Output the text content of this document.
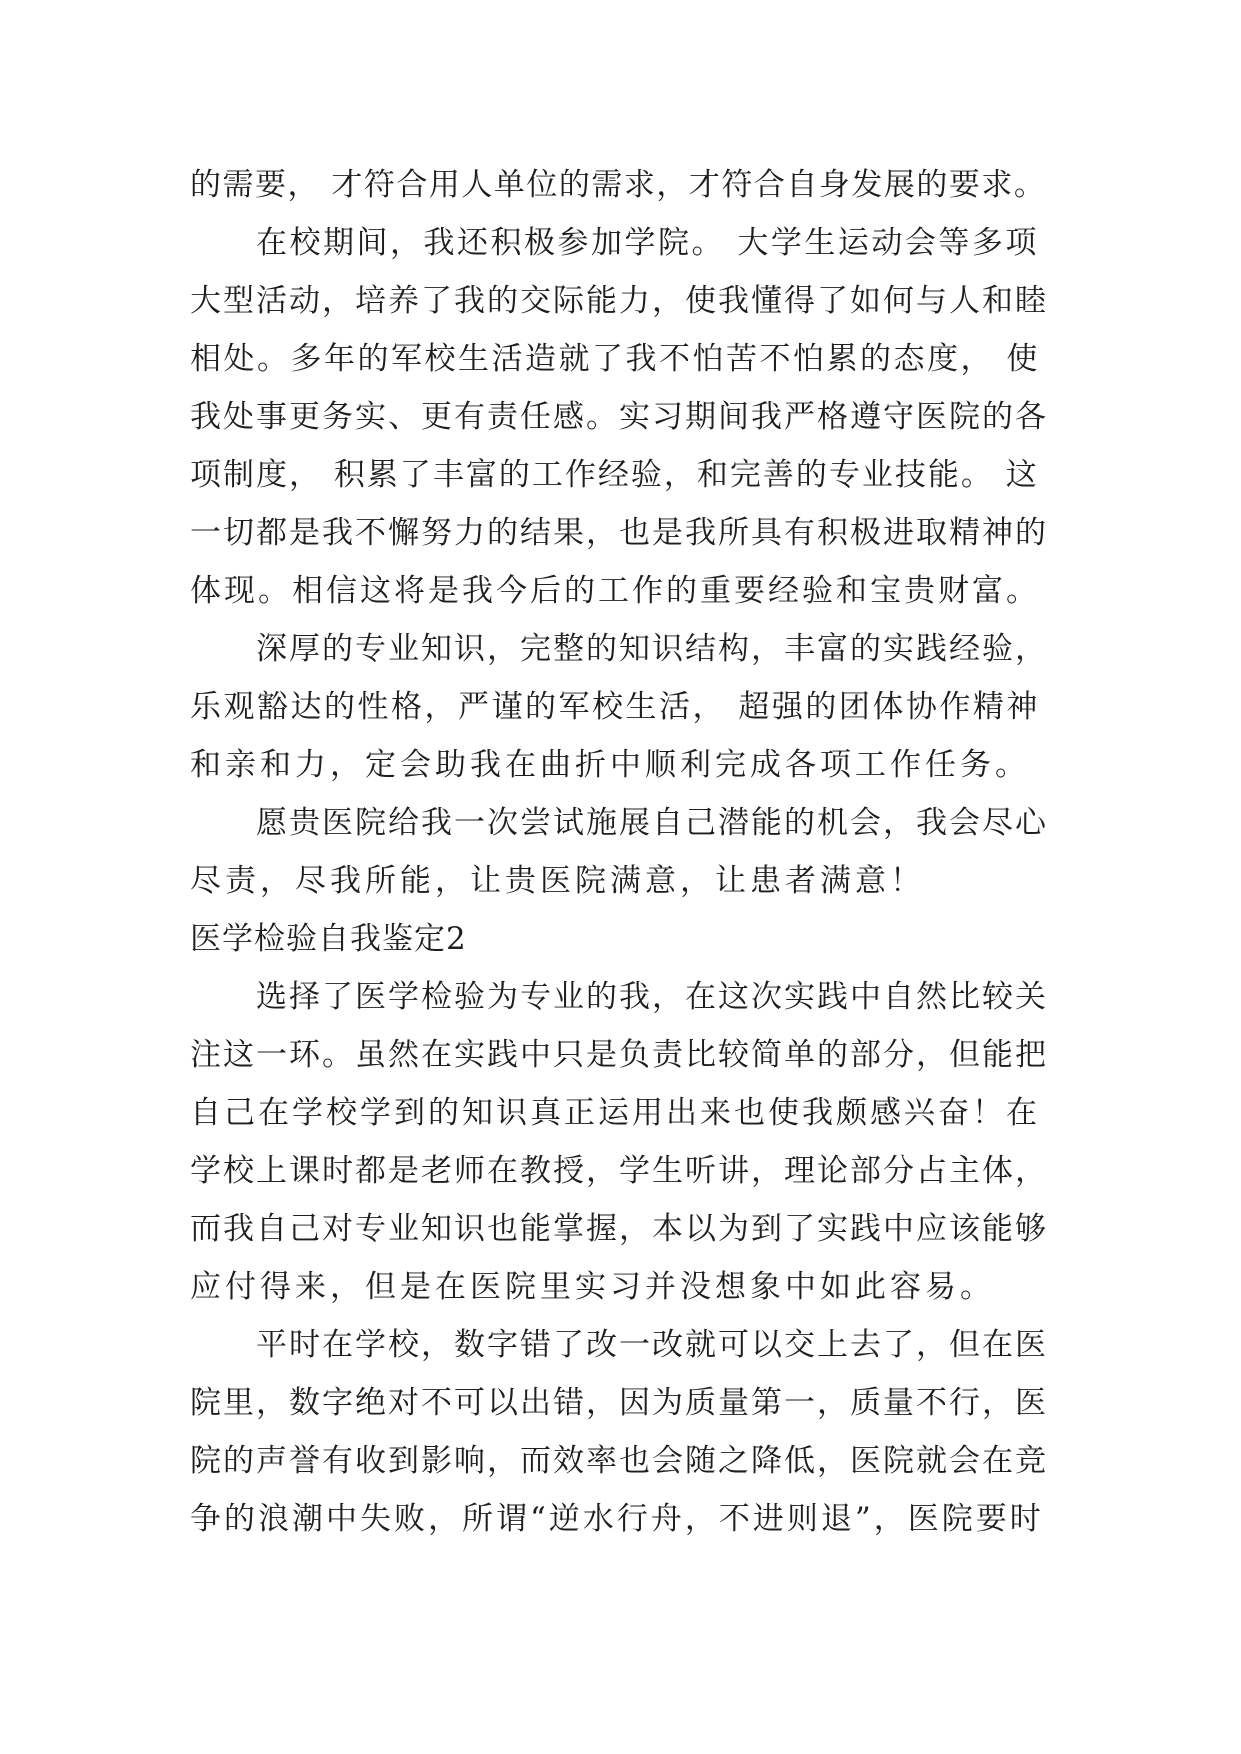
的需要， 才符合用人单位的需求，才符合自身发展的要求。
在校期间，我还积极参加学院。 大学生运动会等多项
大型活动，培养了我的交际能力，使我懂得了如何与人和睦
相处。多年的军校生活造就了我不怕苦不怕累的态度， 使
我处事更务实、更有责任感。实习期间我严格遵守医院的各
项制度， 积累了丰富的工作经验，和完善的专业技能。 这
一切都是我不懈努力的结果，也是我所具有积极进取精神的
体现。相信这将是我今后的工作的重要经验和宝贵财富。
深厚的专业知识，完整的知识结构，丰富的实践经验，
乐观豁达的性格，严谨的军校生活， 超强的团体协作精神
和亲和力，定会助我在曲折中顺利完成各项工作任务。
愿贵医院给我一次尝试施展自己潜能的机会，我会尽心
尽责，尽我所能，让贵医院满意，让患者满意！
医学检验自我鉴定2
选择了医学检验为专业的我，在这次实践中自然比较关
注这一环。虽然在实践中只是负责比较简单的部分，但能把
自己在学校学到的知识真正运用出来也使我颇感兴奋！在
学校上课时都是老师在教授，学生听讲，理论部分占主体，
而我自己对专业知识也能掌握，本以为到了实践中应该能够
应付得来，但是在医院里实习并没想象中如此容易。
平时在学校，数字错了改一改就可以交上去了，但在医
院里，数字绝对不可以出错，因为质量第一，质量不行，医
院的声誉有收到影响，而效率也会随之降低，医院就会在竞
争的浪潮中失败，所谓“逆水行舟，不进则退”，医院要时
